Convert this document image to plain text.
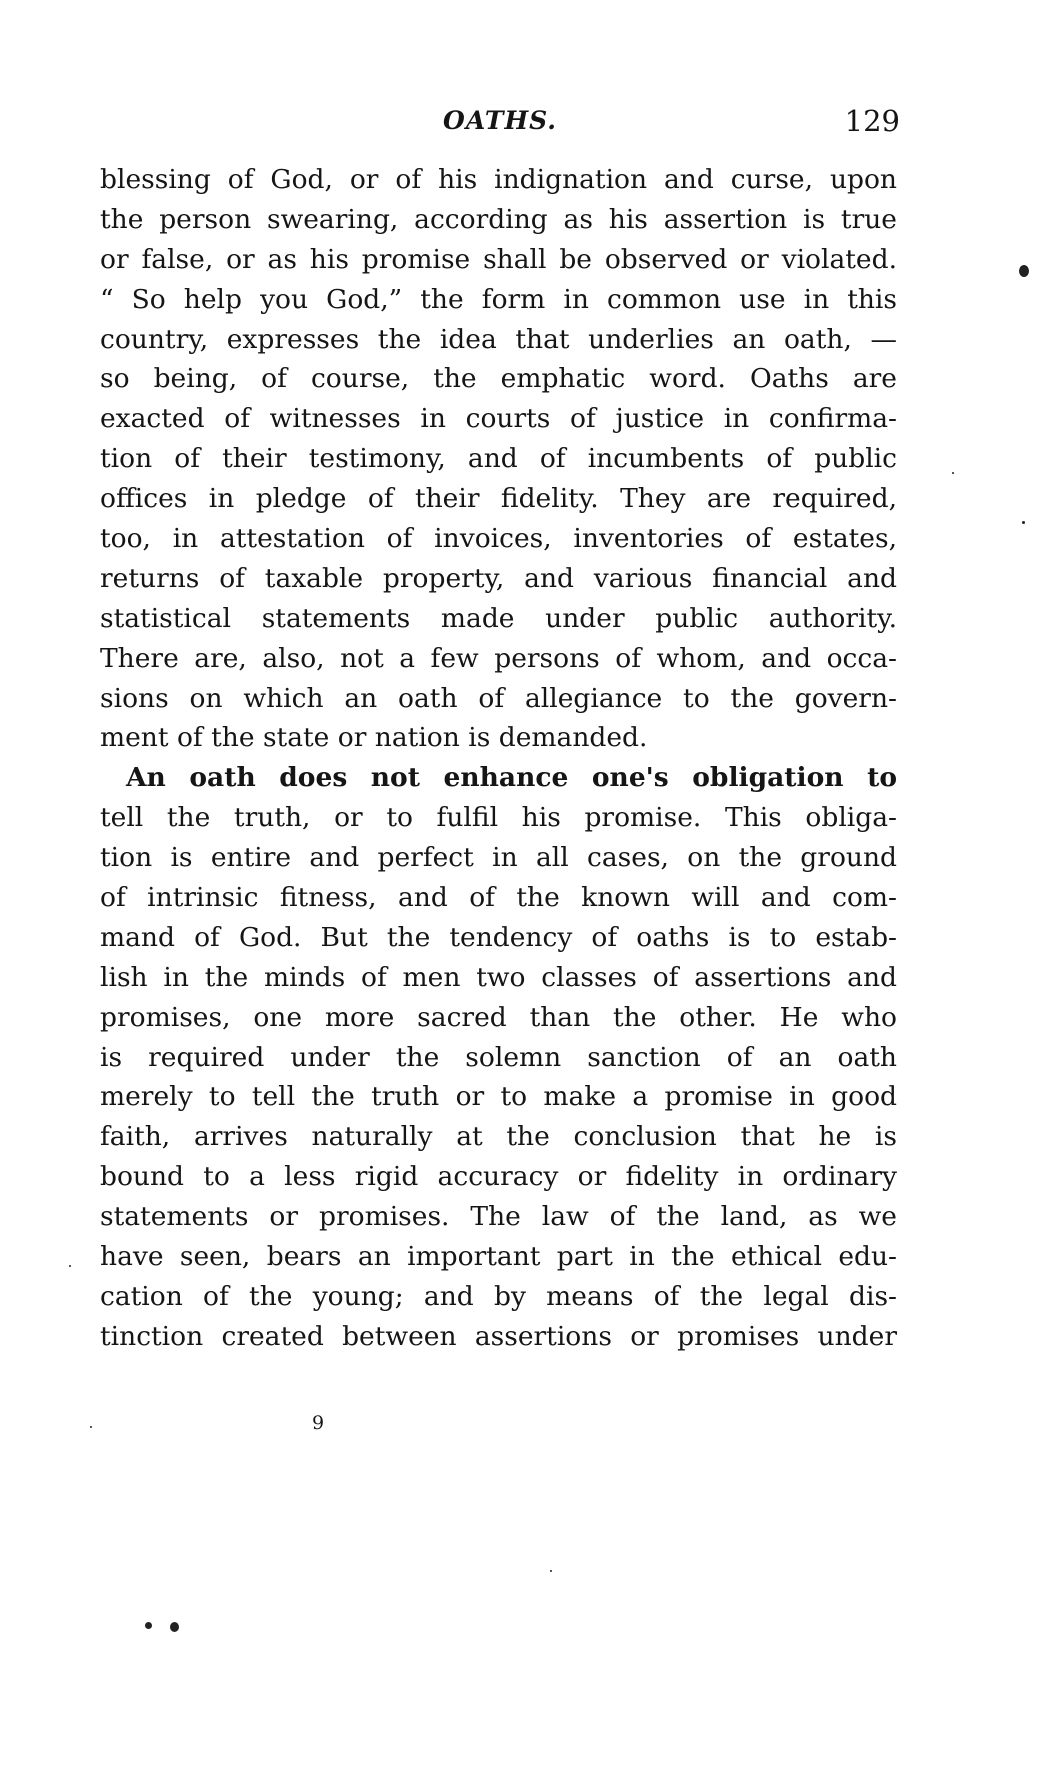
OATHS.	129
blessing of God, or of his indignation and curse, upon
the person swearing, according as his assertion is true
or false, or as his promise shall be observed or violated.
“ So help you God,” the form in common use in this
country, expresses the idea that underlies an oath, —
so being, of course, the emphatic word. Oaths are
exacted of witnesses in courts of justice in confirma-
tion of their testimony, and of incumbents of public
offices in pledge of their fidelity. They are required,
too, in attestation of invoices, inventories of estates,
returns of taxable property, and various financial and
statistical statements made under public authority.
There are, also, not a few persons of whom, and occa-
sions on which an oath of allegiance to the govern-
ment of the state or nation is demanded.
An oath does not enhance one's obligation to
tell the truth, or to fulfil his promise. This obliga-
tion is entire and perfect in all cases, on the ground
of intrinsic fitness, and of the known will and com-
mand of God. But the tendency of oaths is to estab-
lish in the minds of men two classes of assertions and
promises, one more sacred than the other. He who
is required under the solemn sanction of an oath
merely to tell the truth or to make a promise in good
faith, arrives naturally at the conclusion that he is
bound to a less rigid accuracy or fidelity in ordinary
statements or promises. The law of the land, as we
have seen, bears an important part in the ethical edu-
cation of the young; and by means of the legal dis-
tinction created between assertions or promises under
9
